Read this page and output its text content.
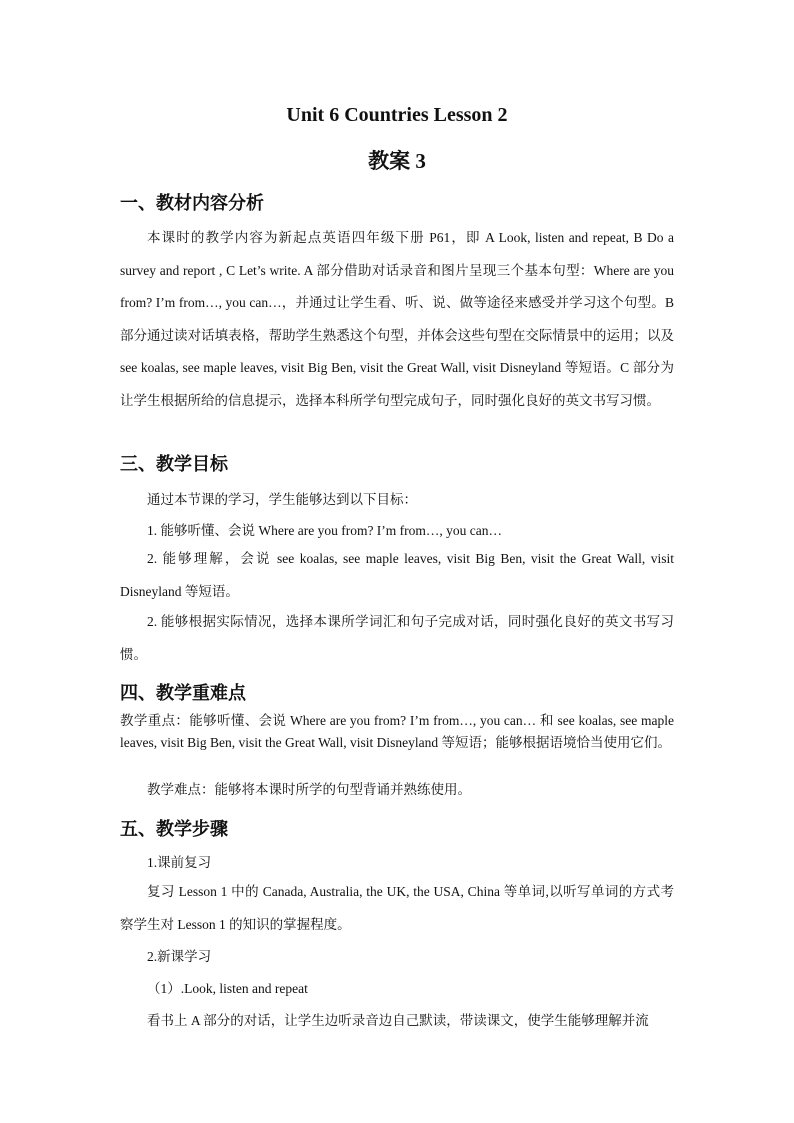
Unit 6 Countries Lesson 2
教案 3
一、教材内容分析
本课时的教学内容为新起点英语四年级下册 P61，即 A Look, listen and repeat, B Do a survey and report , C Let’s write. A 部分借助对话录音和图片呈现三个基本句型：Where are you from? I’m from…, you can…，并通过让学生看、听、说、做等途径来感受并学习这个句型。B 部分通过读对话填表格，帮助学生熟悉这个句型，并体会这些句型在交际情景中的运用；以及 see koalas, see maple leaves, visit Big Ben, visit the Great Wall, visit Disneyland 等短语。C 部分为让学生根据所给的信息提示，选择本科所学句型完成句子，同时强化良好的英文书写习惯。
三、教学目标
通过本节课的学习，学生能够达到以下目标：
1. 能够听懂、会说 Where are you from? I’m from…, you can…
2. 能够理解，会说 see koalas, see maple leaves, visit Big Ben, visit the Great Wall, visit Disneyland 等短语。
2. 能够根据实际情况，选择本课所学词汇和句子完成对话，同时强化良好的英文书写习惯。
四、教学重难点
教学重点：能够听懂、会说 Where are you from? I’m from…, you can… 和 see koalas, see maple leaves, visit Big Ben, visit the Great Wall, visit Disneyland 等短语；能够根据语境恰当使用它们。
教学难点：能够将本课时所学的句型背诵并熟练使用。
五、教学步骤
1.课前复习
复习 Lesson 1 中的 Canada, Australia, the UK, the USA, China 等单词,以听写单词的方式考察学生对 Lesson 1 的知识的掌握程度。
2.新课学习
（1）.Look, listen and repeat
看书上 A 部分的对话，让学生边听录音边自己默读，带读课文，使学生能够理解并流
